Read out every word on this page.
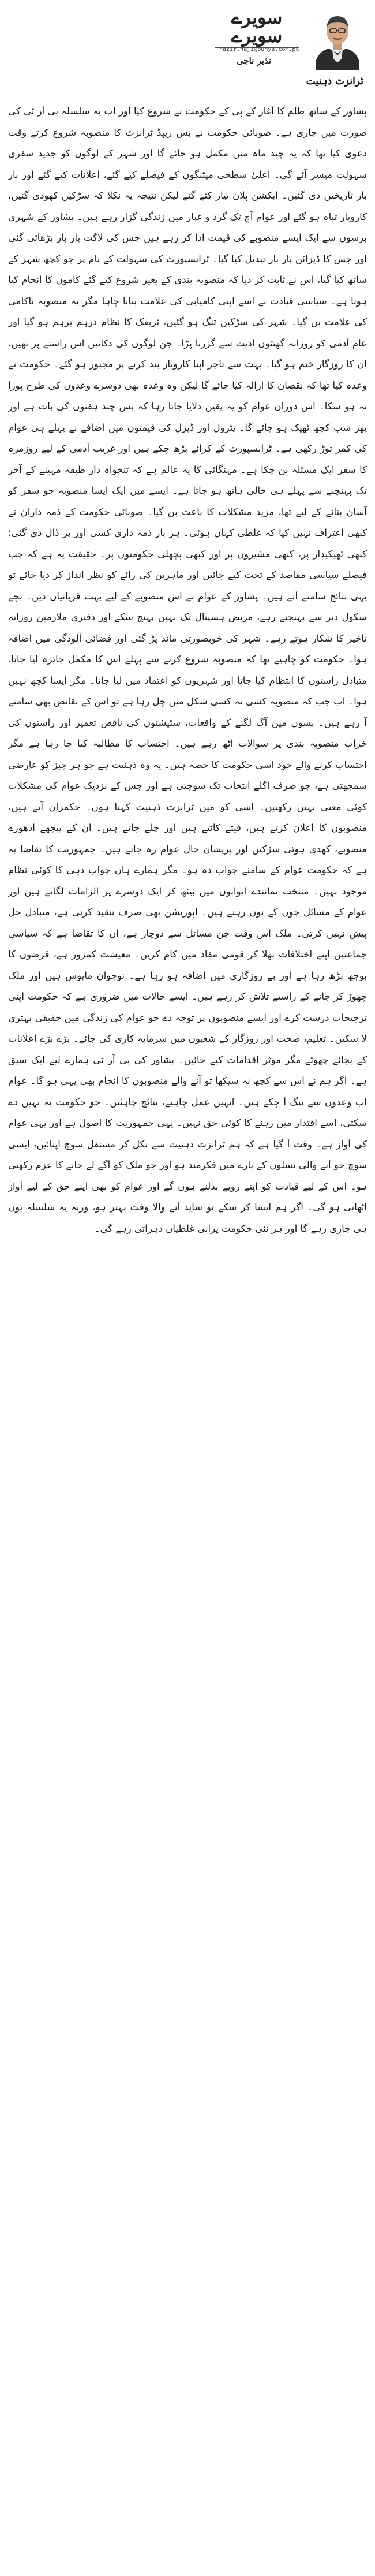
سویرے سویرے
nazir.naji@dunya.com.pk
نذیر ناجی
ٹرانزٹ ذہنیت

پشاور کے ساتھ ظلم کا آغاز کے پی کے حکومت نے شروع کیا اور اب یہ سلسلہ بی آر ٹی کی صورت میں جاری ہے۔ صوبائی حکومت نے بس ریپڈ ٹرانزٹ کا منصوبہ شروع کرتے وقت دعویٰ کیا تھا کہ یہ چند ماہ میں مکمل ہو جائے گا اور شہر کے لوگوں کو جدید سفری سہولت میسر آئے گی۔ اعلیٰ سطحی میٹنگوں کے فیصلے کیے گئے، اعلانات کیے گئے اور بار بار تاریخیں دی گئیں۔ ایکشن پلان تیار کئے گئے لیکن نتیجہ یہ نکلا کہ سڑکیں کھودی گئیں، کاروبار تباہ ہو گئے اور عوام آج تک گرد و غبار میں زندگی گزار رہے ہیں۔ پشاور کے شہری برسوں سے ایک ایسے منصوبے کی قیمت ادا کر رہے ہیں جس کی لاگت بار بار بڑھائی گئی اور جس کا ڈیزائن بار بار تبدیل کیا گیا۔ ٹرانسپورٹ کی سہولت کے نام پر جو کچھ شہر کے ساتھ کیا گیا، اس نے ثابت کر دیا کہ منصوبہ بندی کے بغیر شروع کیے گئے کاموں کا انجام کیا ہوتا ہے۔ سیاسی قیادت نے اسے اپنی کامیابی کی علامت بنانا چاہا مگر یہ منصوبہ ناکامی کی علامت بن گیا۔ شہر کی سڑکیں تنگ ہو گئیں، ٹریفک کا نظام درہم برہم ہو گیا اور عام آدمی کو روزانہ گھنٹوں اذیت سے گزرنا پڑا۔ جن لوگوں کی دکانیں اس راستے پر تھیں، ان کا روزگار ختم ہو گیا۔ بہت سے تاجر اپنا کاروبار بند کرنے پر مجبور ہو گئے۔ حکومت نے وعدہ کیا تھا کہ نقصان کا ازالہ کیا جائے گا لیکن وہ وعدہ بھی دوسرے وعدوں کی طرح پورا نہ ہو سکا۔ اس دوران عوام کو یہ یقین دلایا جاتا رہا کہ بس چند ہفتوں کی بات ہے اور پھر سب کچھ ٹھیک ہو جائے گا۔ پٹرول اور ڈیزل کی قیمتوں میں اضافے نے پہلے ہی عوام کی کمر توڑ رکھی ہے۔ ٹرانسپورٹ کے کرائے بڑھ چکے ہیں اور غریب آدمی کے لیے روزمرہ کا سفر ایک مسئلہ بن چکا ہے۔ مہنگائی کا یہ عالم ہے کہ تنخواہ دار طبقہ مہینے کے آخر تک پہنچنے سے پہلے ہی خالی ہاتھ ہو جاتا ہے۔ ایسے میں ایک ایسا منصوبہ جو سفر کو آسان بنانے کے لیے تھا، مزید مشکلات کا باعث بن گیا۔ صوبائی حکومت کے ذمہ داران نے کبھی اعتراف نہیں کیا کہ غلطی کہاں ہوئی۔ ہر بار ذمہ داری کسی اور پر ڈال دی گئی؛ کبھی ٹھیکیدار پر، کبھی مشیروں پر اور کبھی پچھلی حکومتوں پر۔ حقیقت یہ ہے کہ جب فیصلے سیاسی مقاصد کے تحت کیے جائیں اور ماہرین کی رائے کو نظر انداز کر دیا جائے تو یہی نتائج سامنے آتے ہیں۔ پشاور کے عوام نے اس منصوبے کے لیے بہت قربانیاں دیں۔ بچے سکول دیر سے پہنچتے رہے، مریض ہسپتال تک نہیں پہنچ سکے اور دفتری ملازمین روزانہ تاخیر کا شکار ہوتے رہے۔ شہر کی خوبصورتی ماند پڑ گئی اور فضائی آلودگی میں اضافہ ہوا۔ حکومت کو چاہیے تھا کہ منصوبہ شروع کرنے سے پہلے اس کا مکمل جائزہ لیا جاتا، متبادل راستوں کا انتظام کیا جاتا اور شہریوں کو اعتماد میں لیا جاتا۔ مگر ایسا کچھ نہیں ہوا۔ اب جب کہ منصوبہ کسی نہ کسی شکل میں چل رہا ہے تو اس کے نقائص بھی سامنے آ رہے ہیں۔ بسوں میں آگ لگنے کے واقعات، سٹیشنوں کی ناقص تعمیر اور راستوں کی خراب منصوبہ بندی پر سوالات اٹھ رہے ہیں۔ احتساب کا مطالبہ کیا جا رہا ہے مگر احتساب کرنے والے خود اسی حکومت کا حصہ ہیں۔ یہ وہ ذہنیت ہے جو ہر چیز کو عارضی سمجھتی ہے، جو صرف اگلے انتخاب تک سوچتی ہے اور جس کے نزدیک عوام کی مشکلات کوئی معنی نہیں رکھتیں۔ اسی کو میں ٹرانزٹ ذہنیت کہتا ہوں۔ حکمران آتے ہیں، منصوبوں کا اعلان کرتے ہیں، فیتے کاٹتے ہیں اور چلے جاتے ہیں۔ ان کے پیچھے ادھورے منصوبے، کھدی ہوئی سڑکیں اور پریشان حال عوام رہ جاتے ہیں۔ جمہوریت کا تقاضا یہ ہے کہ حکومت عوام کے سامنے جواب دہ ہو۔ مگر ہمارے ہاں جواب دہی کا کوئی نظام موجود نہیں۔ منتخب نمائندے ایوانوں میں بیٹھ کر ایک دوسرے پر الزامات لگاتے ہیں اور عوام کے مسائل جوں کے توں رہتے ہیں۔ اپوزیشن بھی صرف تنقید کرتی ہے، متبادل حل پیش نہیں کرتی۔ ملک اس وقت جن مسائل سے دوچار ہے، ان کا تقاضا ہے کہ سیاسی جماعتیں اپنے اختلافات بھلا کر قومی مفاد میں کام کریں۔ معیشت کمزور ہے، قرضوں کا بوجھ بڑھ رہا ہے اور بے روزگاری میں اضافہ ہو رہا ہے۔ نوجوان مایوس ہیں اور ملک چھوڑ کر جانے کے راستے تلاش کر رہے ہیں۔ ایسے حالات میں ضروری ہے کہ حکومت اپنی ترجیحات درست کرے اور ایسے منصوبوں پر توجہ دے جو عوام کی زندگی میں حقیقی بہتری لا سکیں۔ تعلیم، صحت اور روزگار کے شعبوں میں سرمایہ کاری کی جائے۔ بڑے بڑے اعلانات کے بجائے چھوٹے مگر موثر اقدامات کیے جائیں۔ پشاور کی بی آر ٹی ہمارے لیے ایک سبق ہے۔ اگر ہم نے اس سے کچھ نہ سیکھا تو آنے والے منصوبوں کا انجام بھی یہی ہو گا۔ عوام اب وعدوں سے تنگ آ چکے ہیں۔ انہیں عمل چاہیے، نتائج چاہئیں۔ جو حکومت یہ نہیں دے سکتی، اسے اقتدار میں رہنے کا کوئی حق نہیں۔ یہی جمہوریت کا اصول ہے اور یہی عوام کی آواز ہے۔ وقت آ گیا ہے کہ ہم ٹرانزٹ ذہنیت سے نکل کر مستقل سوچ اپنائیں، ایسی سوچ جو آنے والی نسلوں کے بارے میں فکرمند ہو اور جو ملک کو آگے لے جانے کا عزم رکھتی ہو۔ اس کے لیے قیادت کو اپنے رویے بدلنے ہوں گے اور عوام کو بھی اپنے حق کے لیے آواز اٹھانی ہو گی۔ اگر ہم ایسا کر سکے تو شاید آنے والا وقت بہتر ہو، ورنہ یہ سلسلہ یوں ہی جاری رہے گا اور ہر نئی حکومت پرانی غلطیاں دہراتی رہے گی۔
